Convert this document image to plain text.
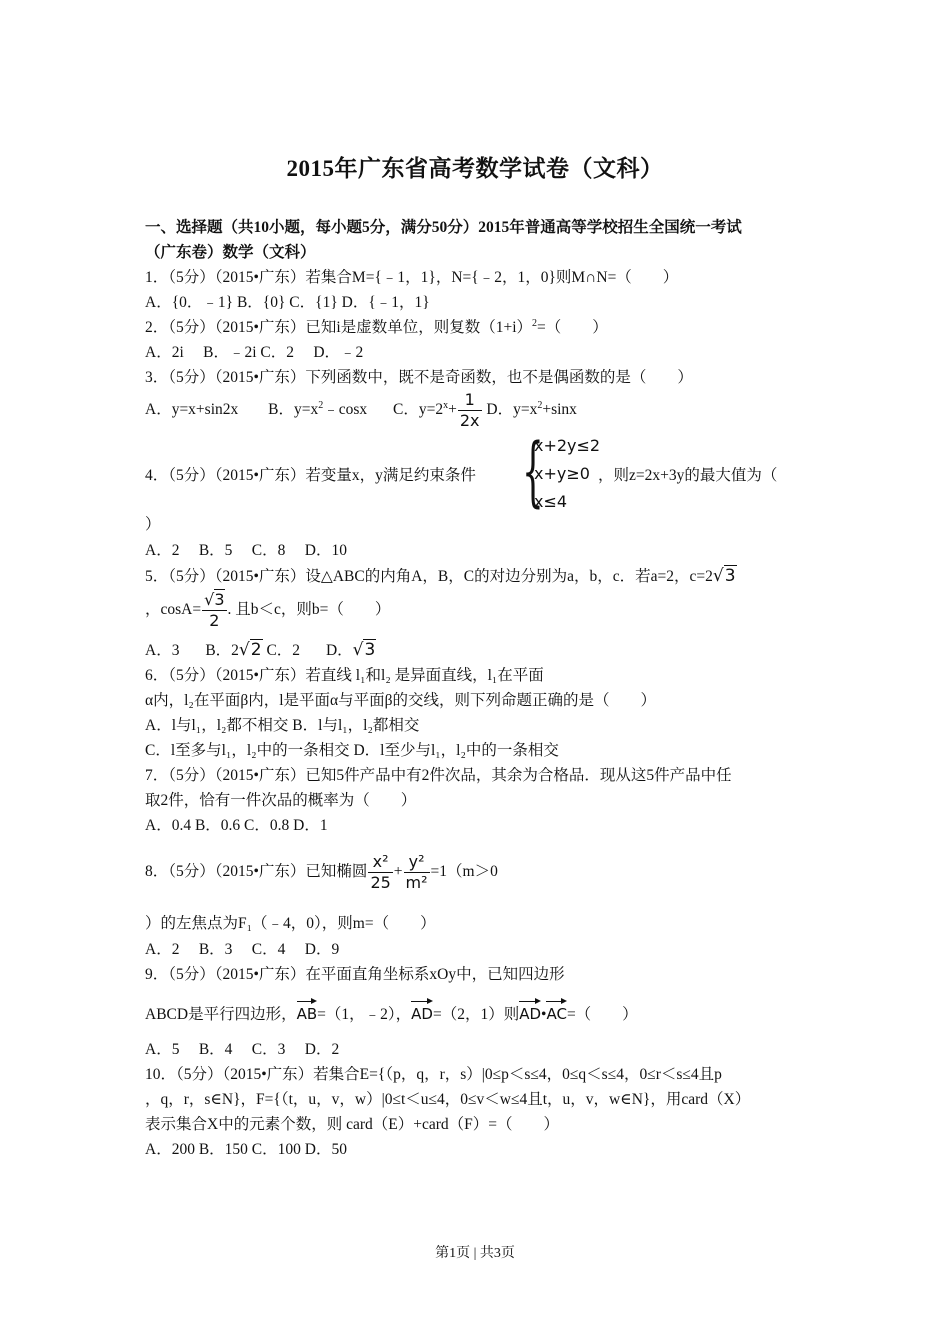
2015年广东省高考数学试卷（文科）
一、选择题（共10小题，每小题5分，满分50分）2015年普通高等学校招生全国统一考试
（广东卷）数学（文科）
1．（5分）（2015•广东）若集合M={﹣1，1}，N={﹣2，1，0}则M∩N=（　　）
A．{0．﹣1} B．{0} C．{1} D．{﹣1，1}
2．（5分）（2015•广东）已知i是虚数单位，则复数$(1+i)^2=$（　　）
A．2i　 B．﹣2i C．2　 D．﹣2
3．（5分）（2015•广东）下列函数中，既不是奇函数，也不是偶函数的是（　　）
A．y=x+sin2x B．$y=x^2﹣\cos x$ C．$y=2^x+ \frac{1}{2x}$ D．$y=x^2+\sin x$
4．（5分）（2015•广东）若变量x，y满足约束条件 {
x+2y≤2
x+y≥0
x≤4
，则z=2x+3y的最大值为（
）
A．2　 B．5　 C．8　 D．10
5．（5分）（2015•广东）设△ABC的内角A，B，C的对边分别为a，b，c．若a=2，c=2√3
，$\cos A= \frac{√3}{2}$ . 且b＜c，则b=（　　）
A．3 B．2√2 C．2 D．√3
6．（5分）（2015•广东）若直线 l₁和l₂ 是异面直线，l₁在平面
α内，l₂在平面β内，l是平面α与平面β的交线，则下列命题正确的是（　　）
A．l与l₁，l₂都不相交 B．l与l₁，l₂都相交
C．l至多与l₁，l₂中的一条相交 D．l至少与l₁，l₂中的一条相交
7．（5分）（2015•广东）已知5件产品中有2件次品，其余为合格品．现从这5件产品中任
取2件，恰有一件次品的概率为（　　）
A．0.4 B．0.6 C．0.8 D．1
8．（5分）（2015•广东）已知椭圆 $\frac{\text{x²}}{25} + \frac{\text{y²}}{\text{m²}} =1(m>0$
）的左焦点为F₁（﹣4，0），则m=（　　）
A．2　 B．3　 C．4　 D．9
9．（5分）（2015•广东）在平面直角坐标系xOy中，已知四边形
ABCD是平行四边形，AB=（1，﹣2），AD=（2，1）则AD•AC=（　　）
A．5　 B．4　 C．3　 D．2
10．（5分）（2015•广东）若集合E={（p，q，r，s）|0≤p＜s≤4，0≤q＜s≤4，0≤r＜s≤4且p
，q，r，s∈N}，F={（t，u，v，w）|0≤t＜u≤4，0≤v＜w≤4且t，u，v，w∈N}，用card（X）
表示集合X中的元素个数，则 card（E）+card（F）=（　　）
A．200 B．150 C．100 D．50
第1页 | 共3页
